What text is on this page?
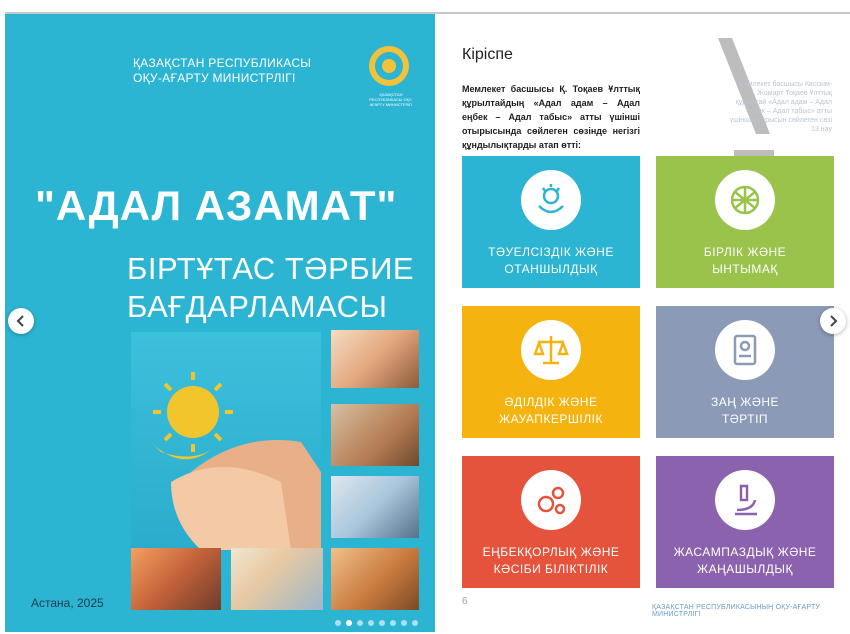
ҚАЗАҚСТАН РЕСПУБЛИКАСЫ
ОҚУ-АҒАРТУ МИНИСТРЛІГІ
ҚАЗАҚСТАН РЕСПУБЛИКАСЫ ОҚУ-АҒАРТУ МИНИСТРЛІГІ
"АДАЛ АЗАМАТ"
БІРТҰТАС ТӘРБИЕ
БАҒДАРЛАМАСЫ
Астана, 2025
Кіріспе
Мемлекет басшысы Қ. Тоқаев Ұлттық құрылтайдың «Адал адам – Адал еңбек – Адал табыс» атты үшінші отырысында сөйлеген сөзінде негізгі құндылықтарды атап өтті:
Мемлекет басшысы Кассым-Жомарт Тоқаев Ұлттық құрылтай «Адал адам – Адал еңбек – Адал табыс» атты үшінші отырысын сөйлеген сөзі 13 нау
ТӘУЕЛСІЗДІК ЖӘНЕ
ОТАНШЫЛДЫҚ
БІРЛІК ЖӘНЕ
ЫНТЫМАҚ
ӘДІЛДІК ЖӘНЕ
ЖАУАПКЕРШІЛІК
ЗАҢ ЖӘНЕ
ТӘРТІП
ЕҢБЕКҚОРЛЫҚ ЖӘНЕ
КӘСІБИ БІЛІКТІЛІК
ЖАСАМПАЗДЫҚ ЖӘНЕ
ЖАҢАШЫЛДЫҚ
6
ҚАЗАҚСТАН РЕСПУБЛИКАСЫНЫҢ ОҚУ-АҒАРТУ МИНИСТРЛІГІ
